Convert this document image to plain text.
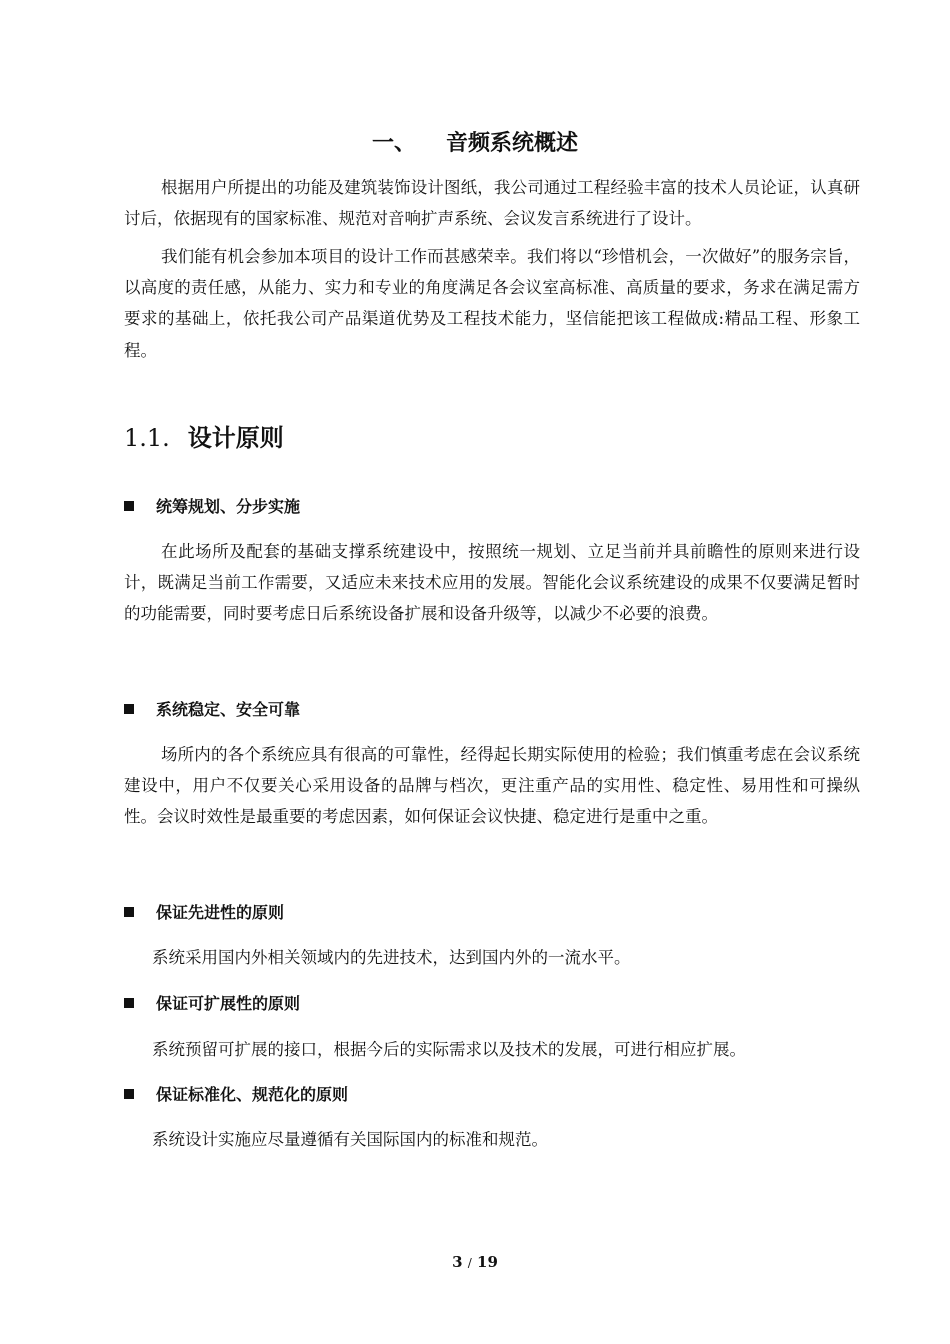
一、 音频系统概述

根据用户所提出的功能及建筑装饰设计图纸，我公司通过工程经验丰富的技术人员论证，认真研讨后，依据现有的国家标准、规范对音响扩声系统、会议发言系统进行了设计。

我们能有机会参加本项目的设计工作而甚感荣幸。我们将以“珍惜机会，一次做好”的服务宗旨，以高度的责任感，从能力、实力和专业的角度满足各会议室高标准、高质量的要求，务求在满足需方要求的基础上，依托我公司产品渠道优势及工程技术能力，坚信能把该工程做成:精品工程、形象工程。

1.1. 设计原则
统筹规划、分步实施

在此场所及配套的基础支撑系统建设中，按照统一规划、立足当前并具前瞻性的原则来进行设计，既满足当前工作需要，又适应未来技术应用的发展。智能化会议系统建设的成果不仅要满足暂时的功能需要，同时要考虑日后系统设备扩展和设备升级等，以减少不必要的浪费。

系统稳定、安全可靠

场所内的各个系统应具有很高的可靠性，经得起长期实际使用的检验；我们慎重考虑在会议系统建设中，用户不仅要关心采用设备的品牌与档次，更注重产品的实用性、稳定性、易用性和可操纵性。会议时效性是最重要的考虑因素，如何保证会议快捷、稳定进行是重中之重。

保证先进性的原则

系统采用国内外相关领域内的先进技术，达到国内外的一流水平。

保证可扩展性的原则

系统预留可扩展的接口，根据今后的实际需求以及技术的发展，可进行相应扩展。

保证标准化、规范化的原则

系统设计实施应尽量遵循有关国际国内的标准和规范。

3 / 19
